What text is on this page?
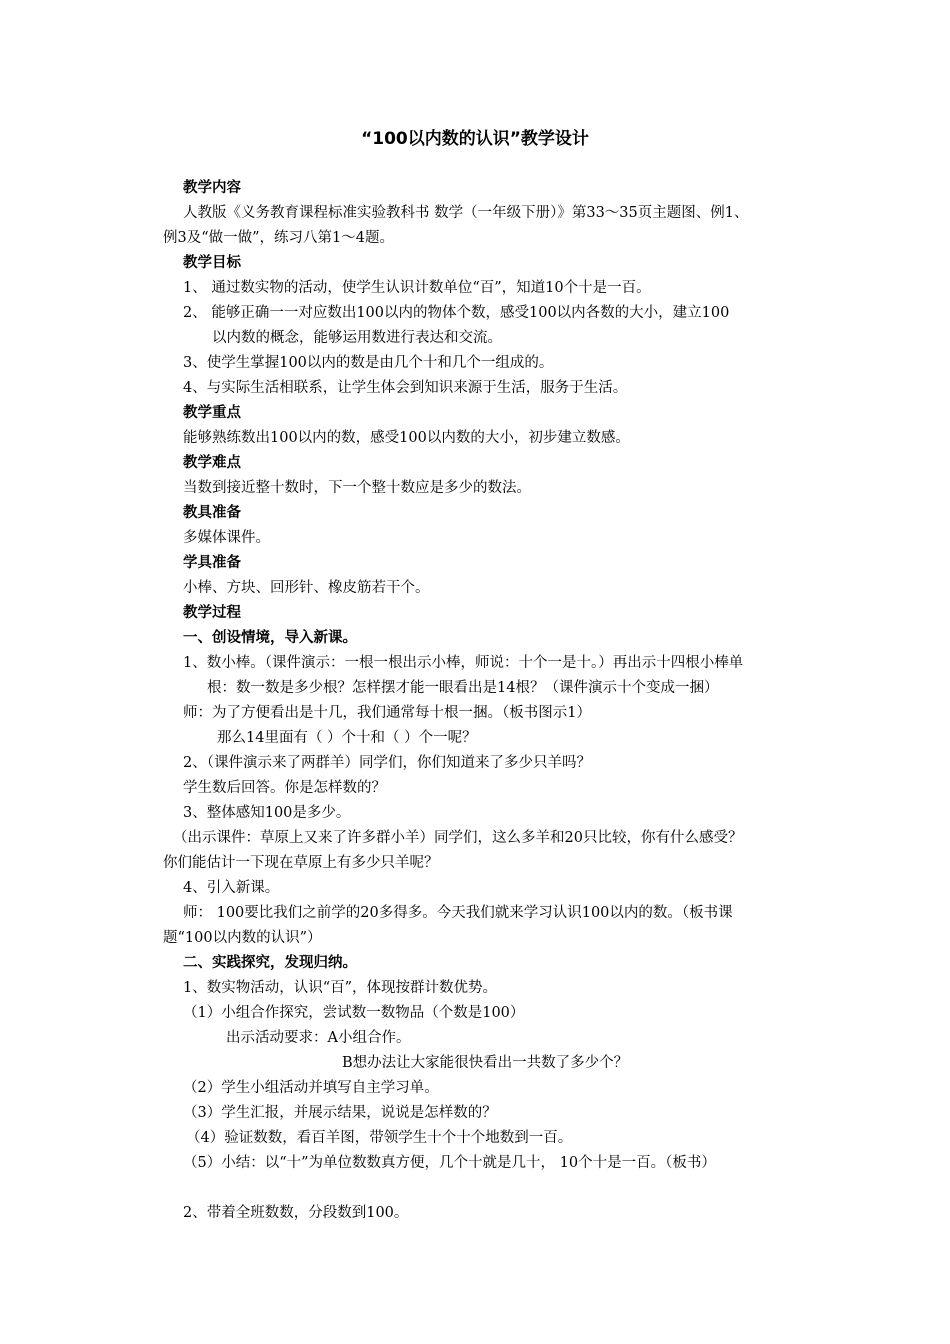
“100以内数的认识”教学设计
教学内容
人教版《义务教育课程标准实验教科书 数学（一年级下册）》第33～35页主题图、例1、
例3及“做一做”，练习八第1～4题。
教学目标
1、 通过数实物的活动，使学生认识计数单位“百”，知道10个十是一百。
2、 能够正确一一对应数出100以内的物体个数，感受100以内各数的大小，建立100
以内数的概念，能够运用数进行表达和交流。
3、使学生掌握100以内的数是由几个十和几个一组成的。
4、与实际生活相联系，让学生体会到知识来源于生活，服务于生活。
教学重点
能够熟练数出100以内的数，感受100以内数的大小，初步建立数感。
教学难点
当数到接近整十数时，下一个整十数应是多少的数法。
教具准备
多媒体课件。
学具准备
小棒、方块、回形针、橡皮筋若干个。
教学过程
一、创设情境，导入新课。
1、数小棒。（课件演示：一根一根出示小棒，师说：十个一是十。）再出示十四根小棒单
根：数一数是多少根？怎样摆才能一眼看出是14根？（课件演示十个变成一捆）
师：为了方便看出是十几，我们通常每十根一捆。（板书图示1）
那么14里面有（ ）个十和（ ）个一呢？
2、（课件演示来了两群羊）同学们，你们知道来了多少只羊吗？
学生数后回答。你是怎样数的？
3、整体感知100是多少。
（出示课件：草原上又来了许多群小羊）同学们，这么多羊和20只比较，你有什么感受？
你们能估计一下现在草原上有多少只羊呢？
4、引入新课。
师： 100要比我们之前学的20多得多。今天我们就来学习认识100以内的数。（板书课
题“100以内数的认识”）
二、实践探究，发现归纳。
1、数实物活动，认识“百”，体现按群计数优势。
（1）小组合作探究，尝试数一数物品（个数是100）
出示活动要求：A小组合作。
B想办法让大家能很快看出一共数了多少个？
（2）学生小组活动并填写自主学习单。
（3）学生汇报，并展示结果，说说是怎样数的？
（4）验证数数，看百羊图，带领学生十个十个地数到一百。
（5）小结：以“十”为单位数数真方便，几个十就是几十， 10个十是一百。（板书）
2、带着全班数数，分段数到100。
